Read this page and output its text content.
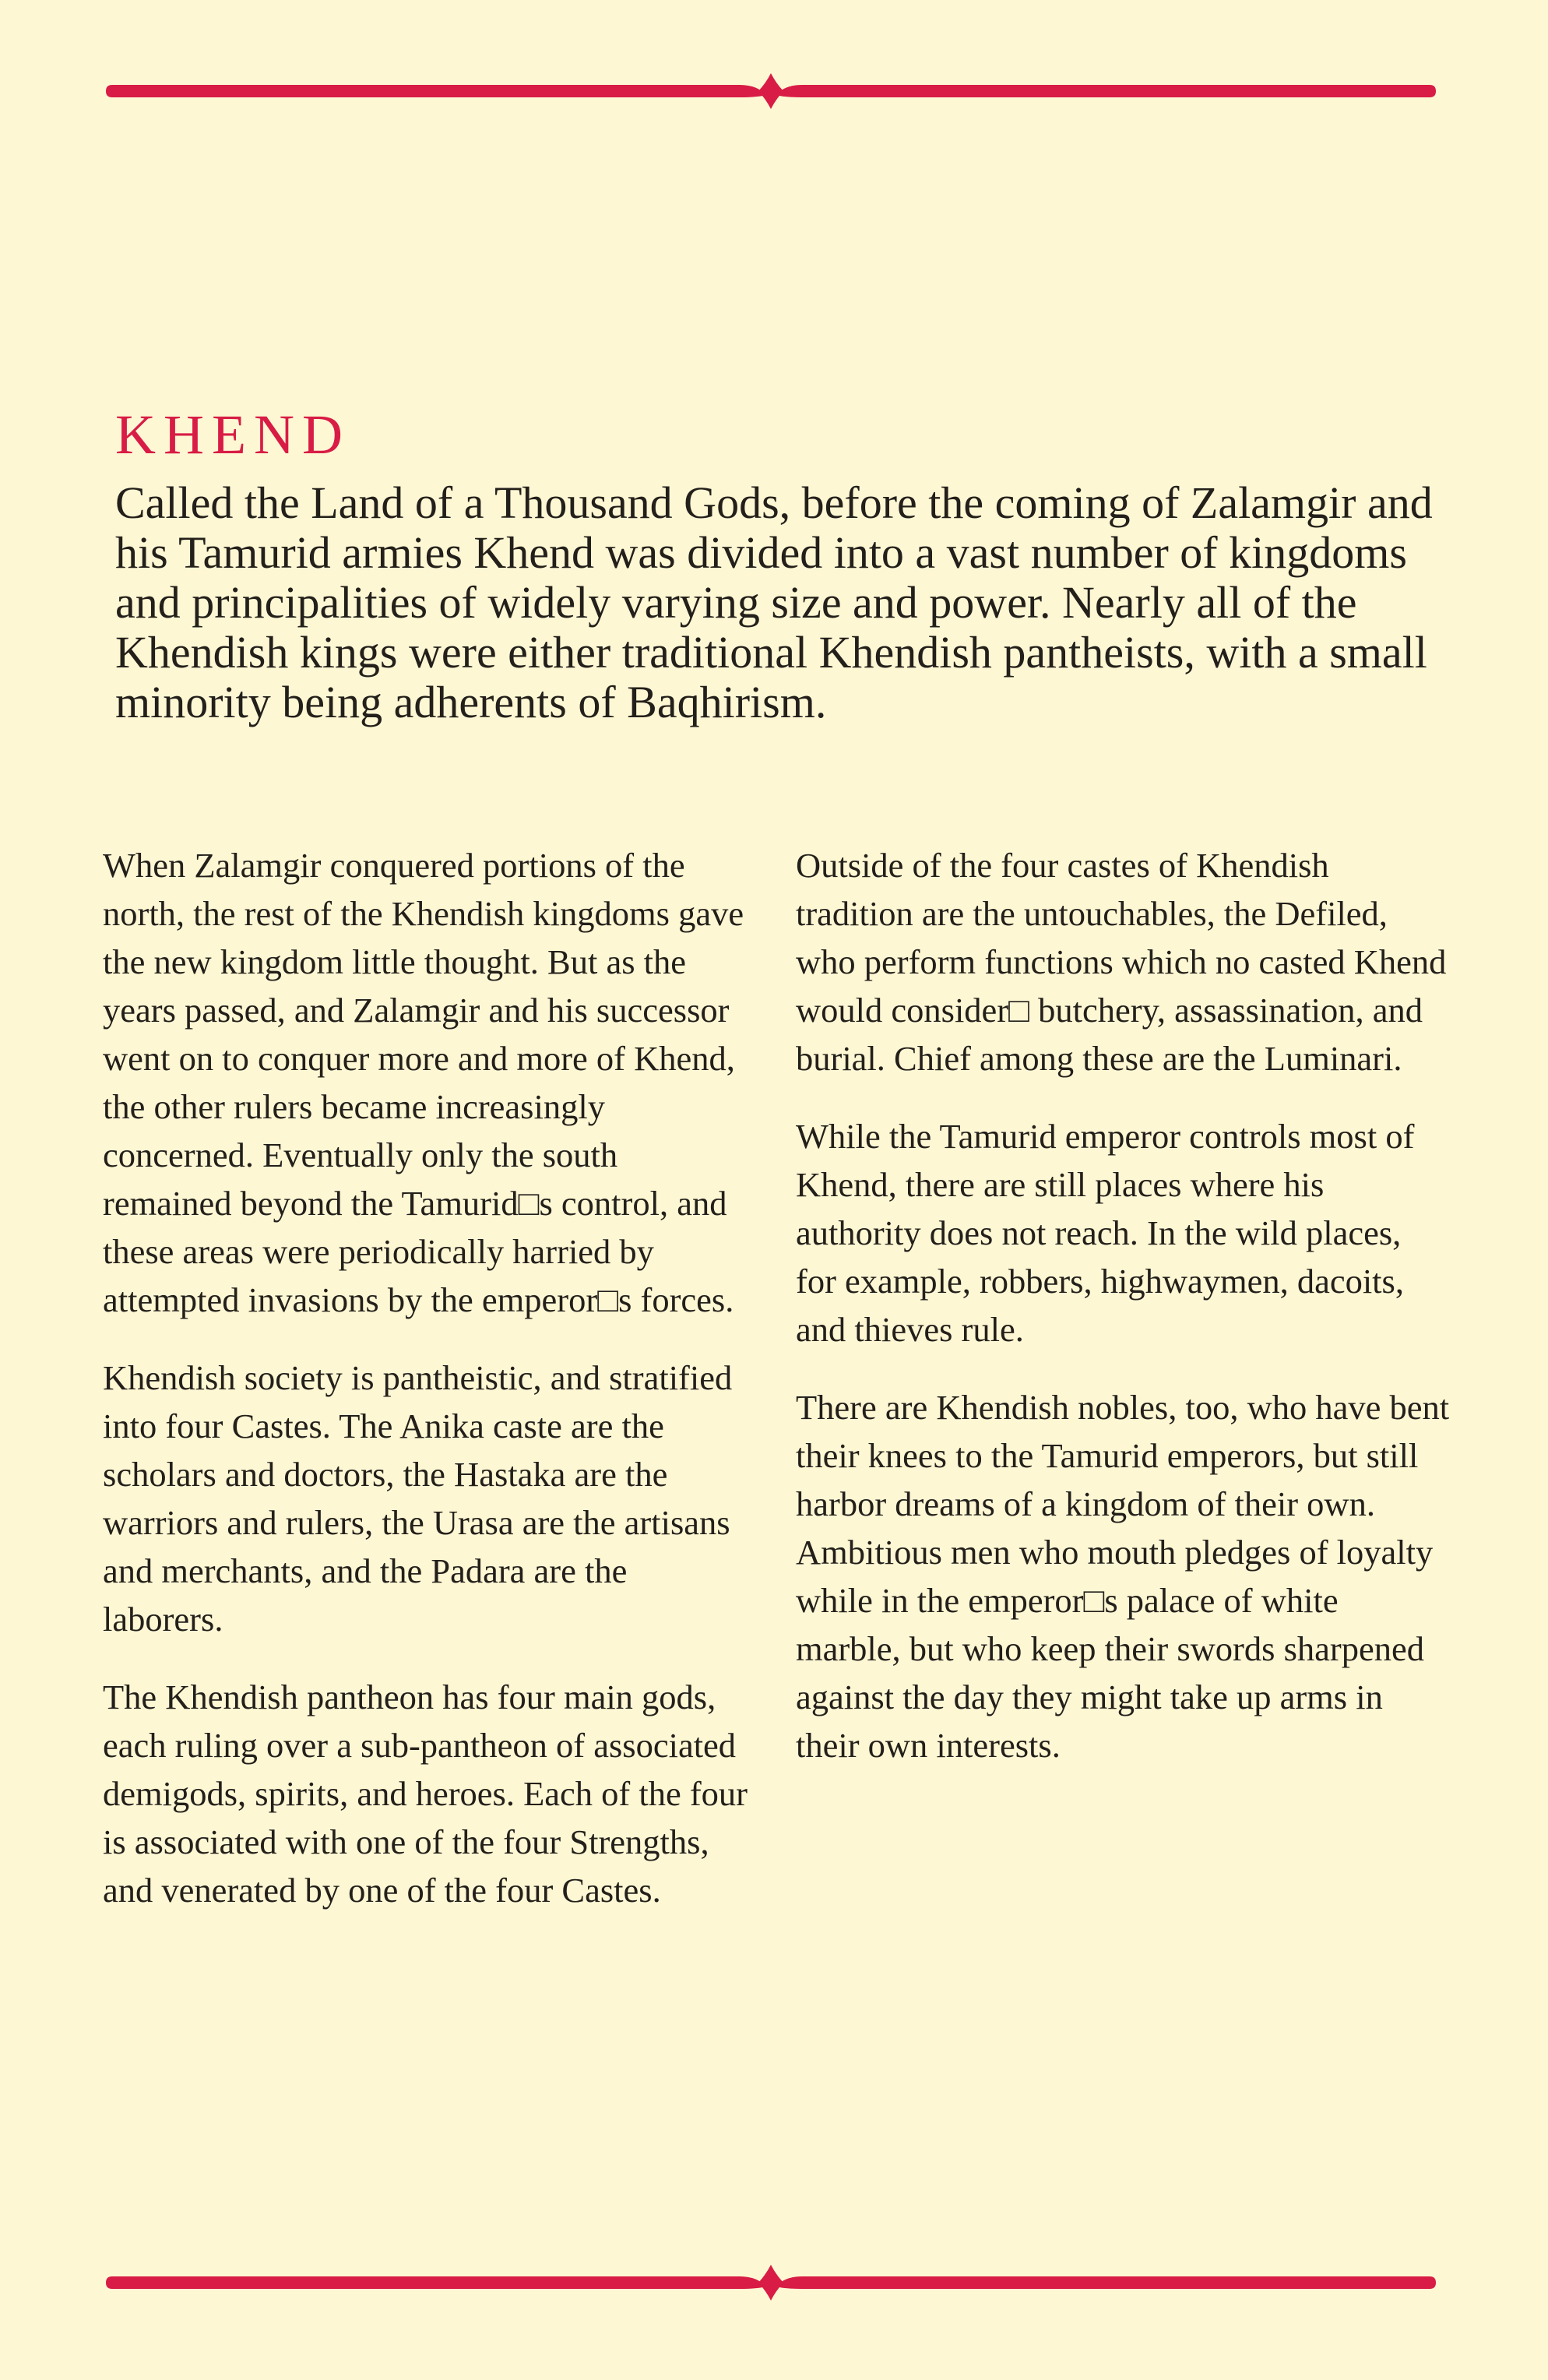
KHEND

Called the Land of a Thousand Gods, before the coming of Zalamgir and his Tamurid armies Khend was divided into a vast number of kingdoms and principalities of widely varying size and power. Nearly all of the Khendish kings were either traditional Khendish pantheists, with a small minority being adherents of Baqhirism.

When Zalamgir conquered portions of the north, the rest of the Khendish kingdoms gave the new kingdom little thought. But as the years passed, and Zalamgir and his successor went on to conquer more and more of Khend, the other rulers became increasingly concerned. Eventually only the south remained beyond the Tamurid□s control, and these areas were periodically harried by attempted invasions by the emperor□s forces.

Khendish society is pantheistic, and stratified into four Castes. The Anika caste are the scholars and doctors, the Hastaka are the warriors and rulers, the Urasa are the artisans and merchants, and the Padara are the laborers.

The Khendish pantheon has four main gods, each ruling over a sub-pantheon of associated demigods, spirits, and heroes. Each of the four is associated with one of the four Strengths, and venerated by one of the four Castes.

Outside of the four castes of Khendish tradition are the untouchables, the Defiled, who perform functions which no casted Khend would consider□ butchery, assassination, and burial. Chief among these are the Luminari.

While the Tamurid emperor controls most of Khend, there are still places where his authority does not reach. In the wild places, for example, robbers, highwaymen, dacoits, and thieves rule.

There are Khendish nobles, too, who have bent their knees to the Tamurid emperors, but still harbor dreams of a kingdom of their own. Ambitious men who mouth pledges of loyalty while in the emperor□s palace of white marble, but who keep their swords sharpened against the day they might take up arms in their own interests.
